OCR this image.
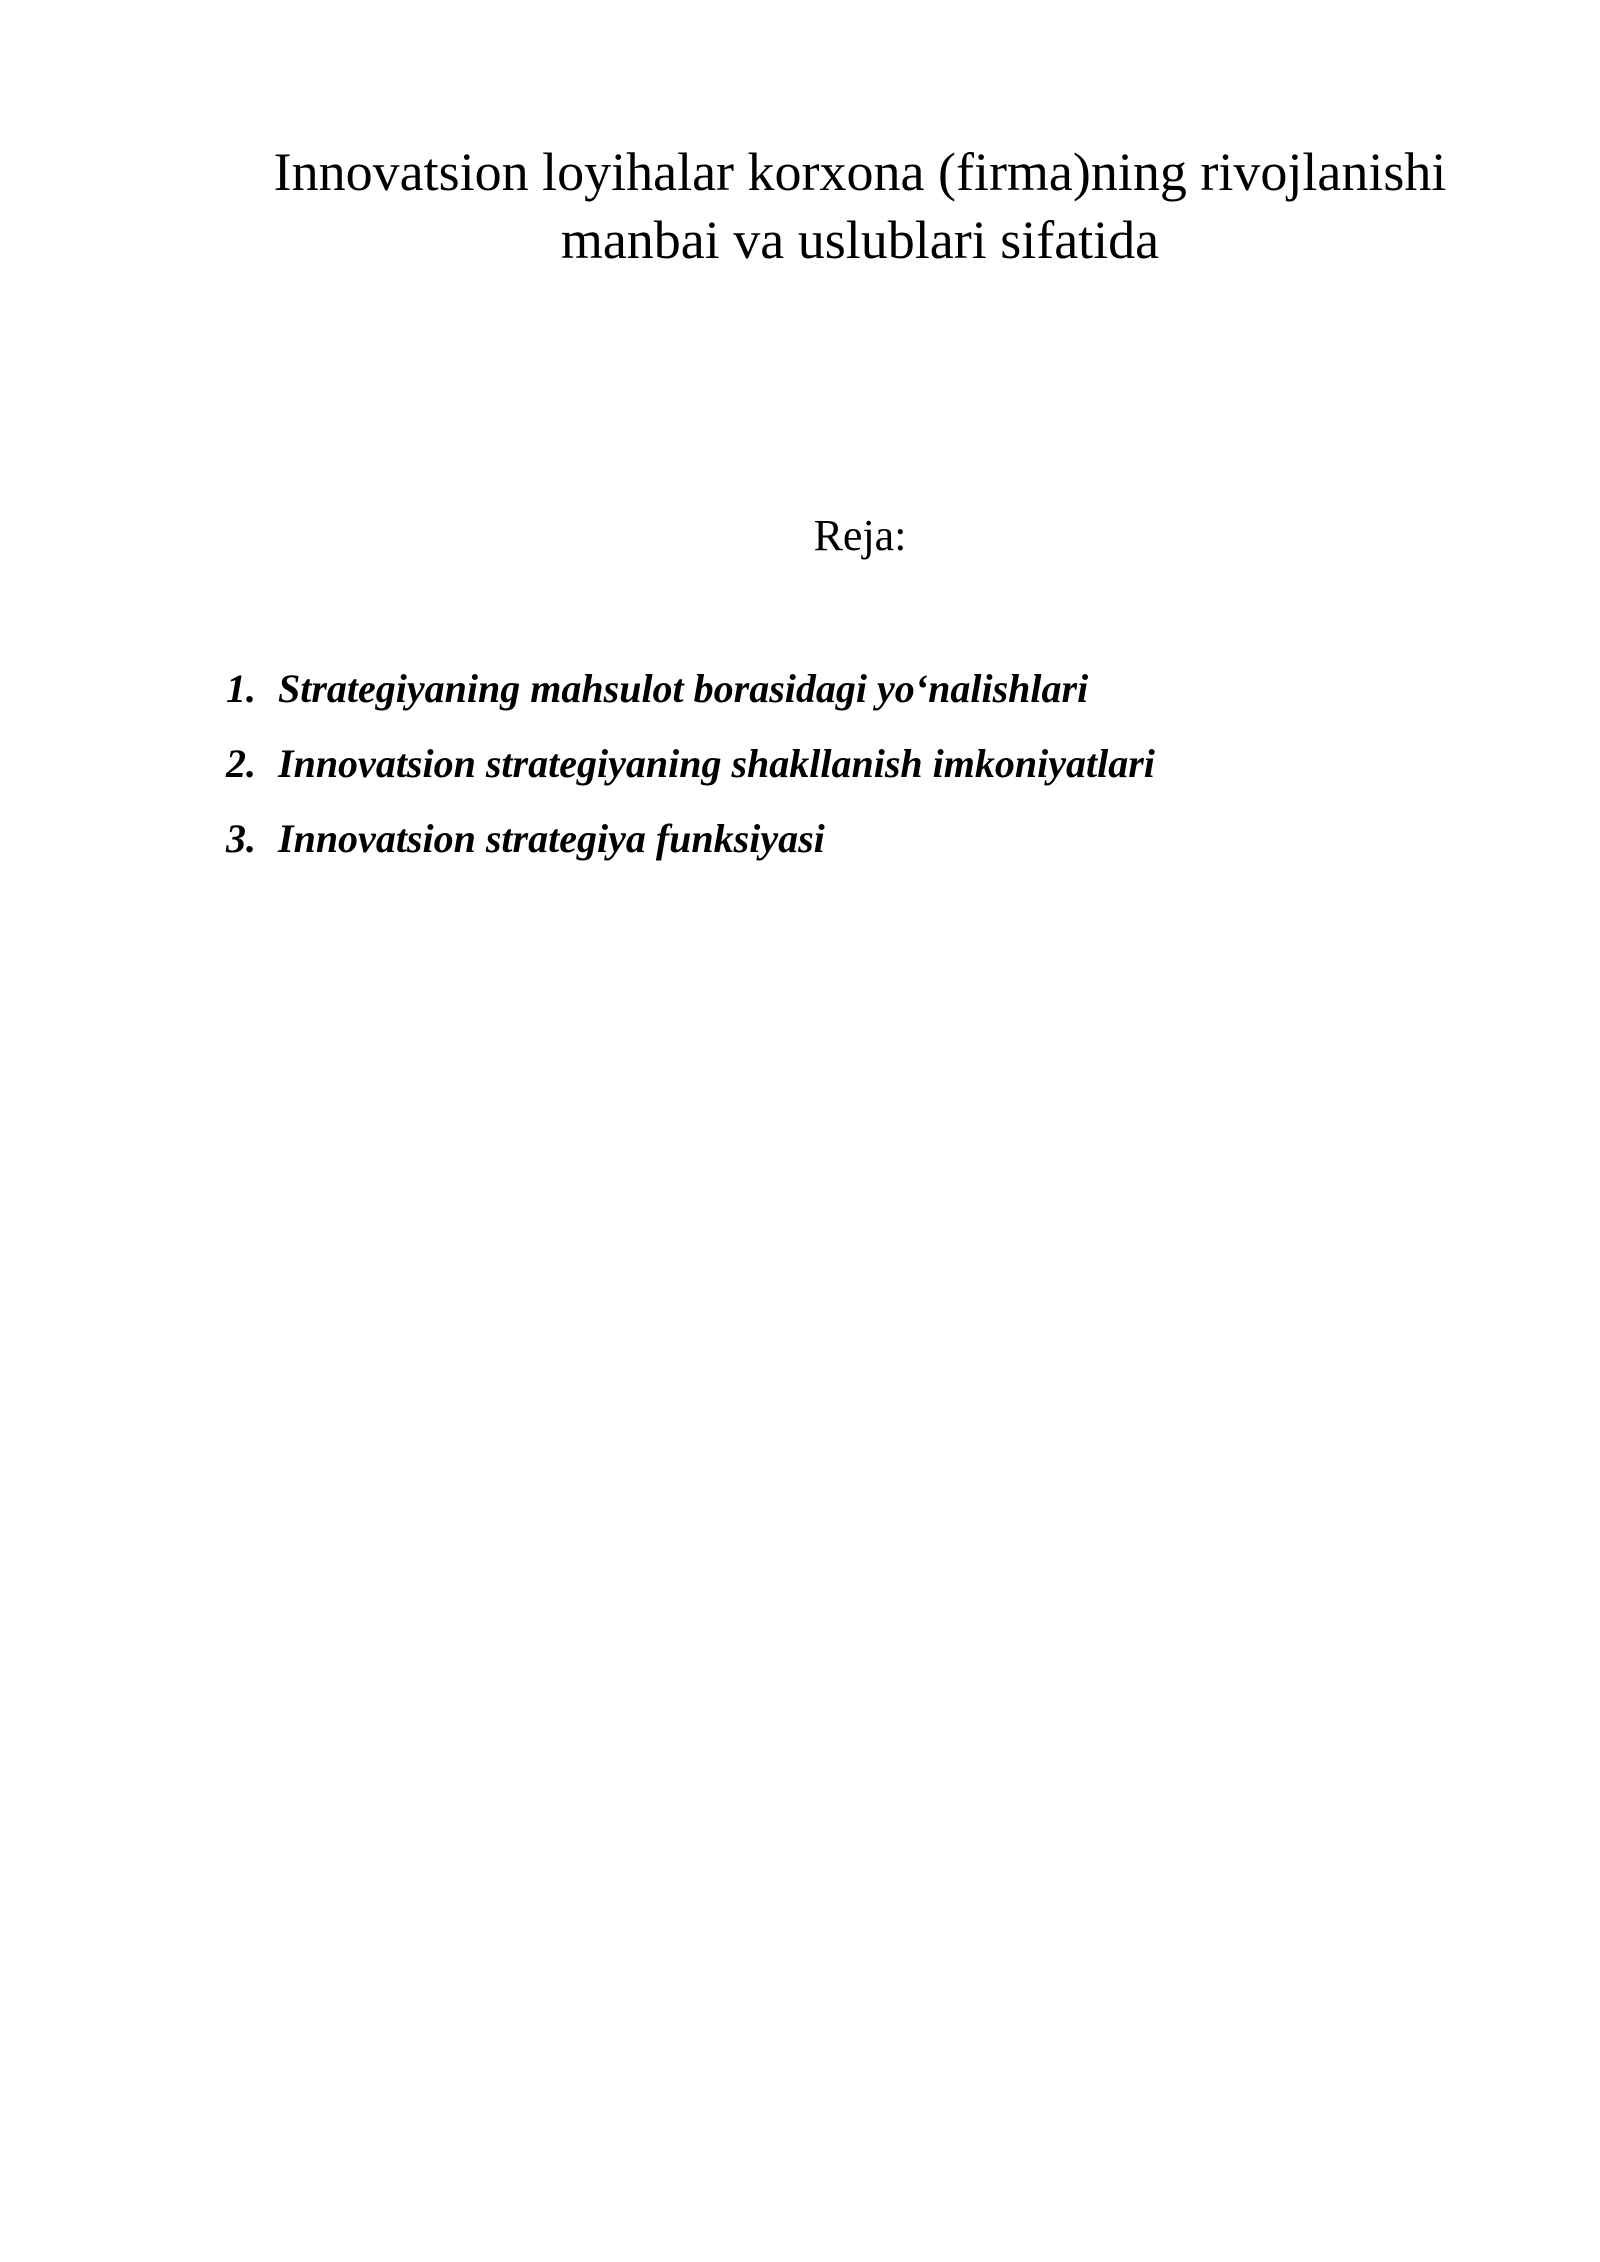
Innovatsion loyihalar korxona (firma)ning rivojlanishi
manbai va uslublari sifatida

Reja:

1. Strategiyaning mahsulot borasidagi yo‘nalishlari
2. Innovatsion strategiyaning shakllanish imkoniyatlari
3. Innovatsion strategiya funksiyasi
